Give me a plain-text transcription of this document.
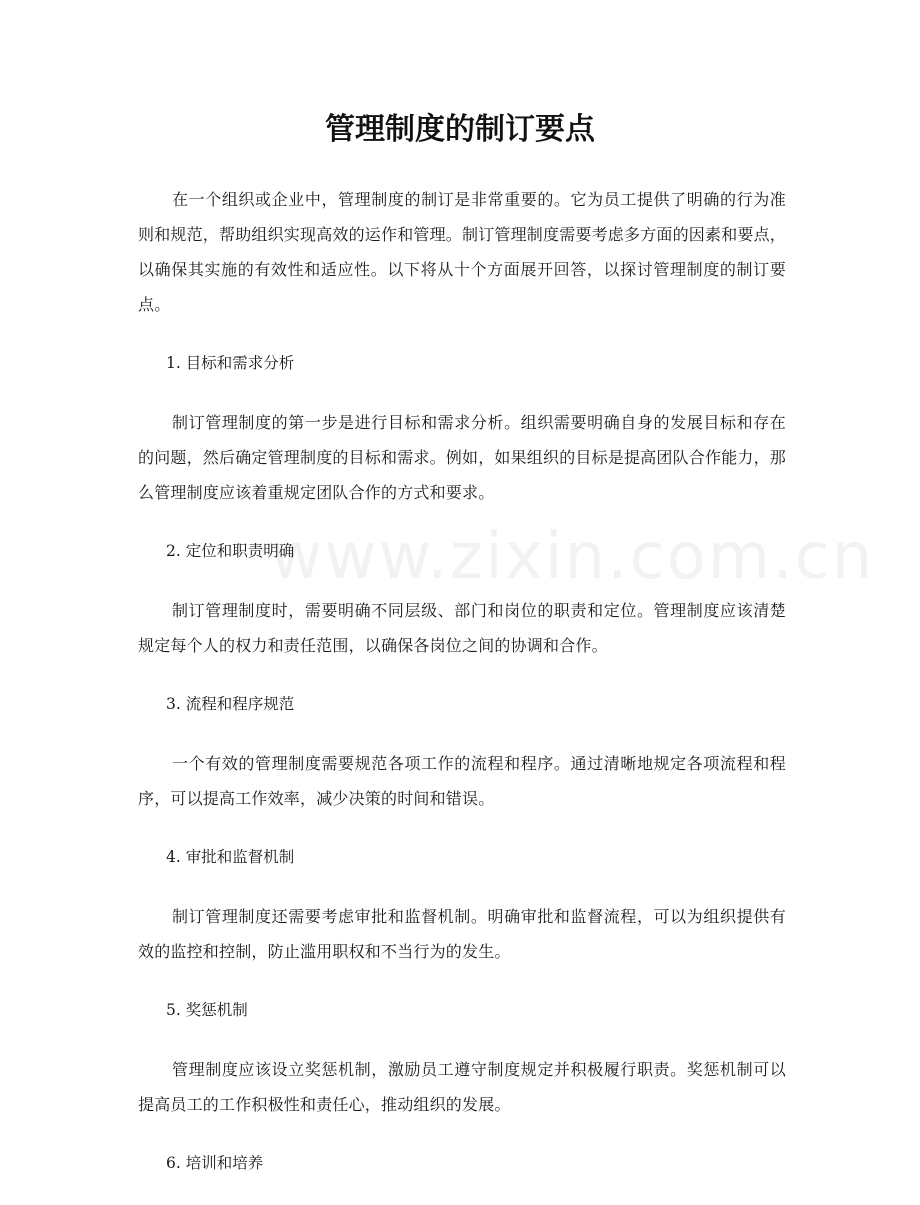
www.zixin.com.cn
管理制度的制订要点

在一个组织或企业中，管理制度的制订是非常重要的。它为员工提供了明确的行为准则和规范，帮助组织实现高效的运作和管理。制订管理制度需要考虑多方面的因素和要点，以确保其实施的有效性和适应性。以下将从十个方面展开回答，以探讨管理制度的制订要点。

1. 目标和需求分析

制订管理制度的第一步是进行目标和需求分析。组织需要明确自身的发展目标和存在的问题，然后确定管理制度的目标和需求。例如，如果组织的目标是提高团队合作能力，那么管理制度应该着重规定团队合作的方式和要求。

2. 定位和职责明确

制订管理制度时，需要明确不同层级、部门和岗位的职责和定位。管理制度应该清楚规定每个人的权力和责任范围，以确保各岗位之间的协调和合作。

3. 流程和程序规范

一个有效的管理制度需要规范各项工作的流程和程序。通过清晰地规定各项流程和程序，可以提高工作效率，减少决策的时间和错误。

4. 审批和监督机制

制订管理制度还需要考虑审批和监督机制。明确审批和监督流程，可以为组织提供有效的监控和控制，防止滥用职权和不当行为的发生。

5. 奖惩机制

管理制度应该设立奖惩机制，激励员工遵守制度规定并积极履行职责。奖惩机制可以提高员工的工作积极性和责任心，推动组织的发展。

6. 培训和培养
